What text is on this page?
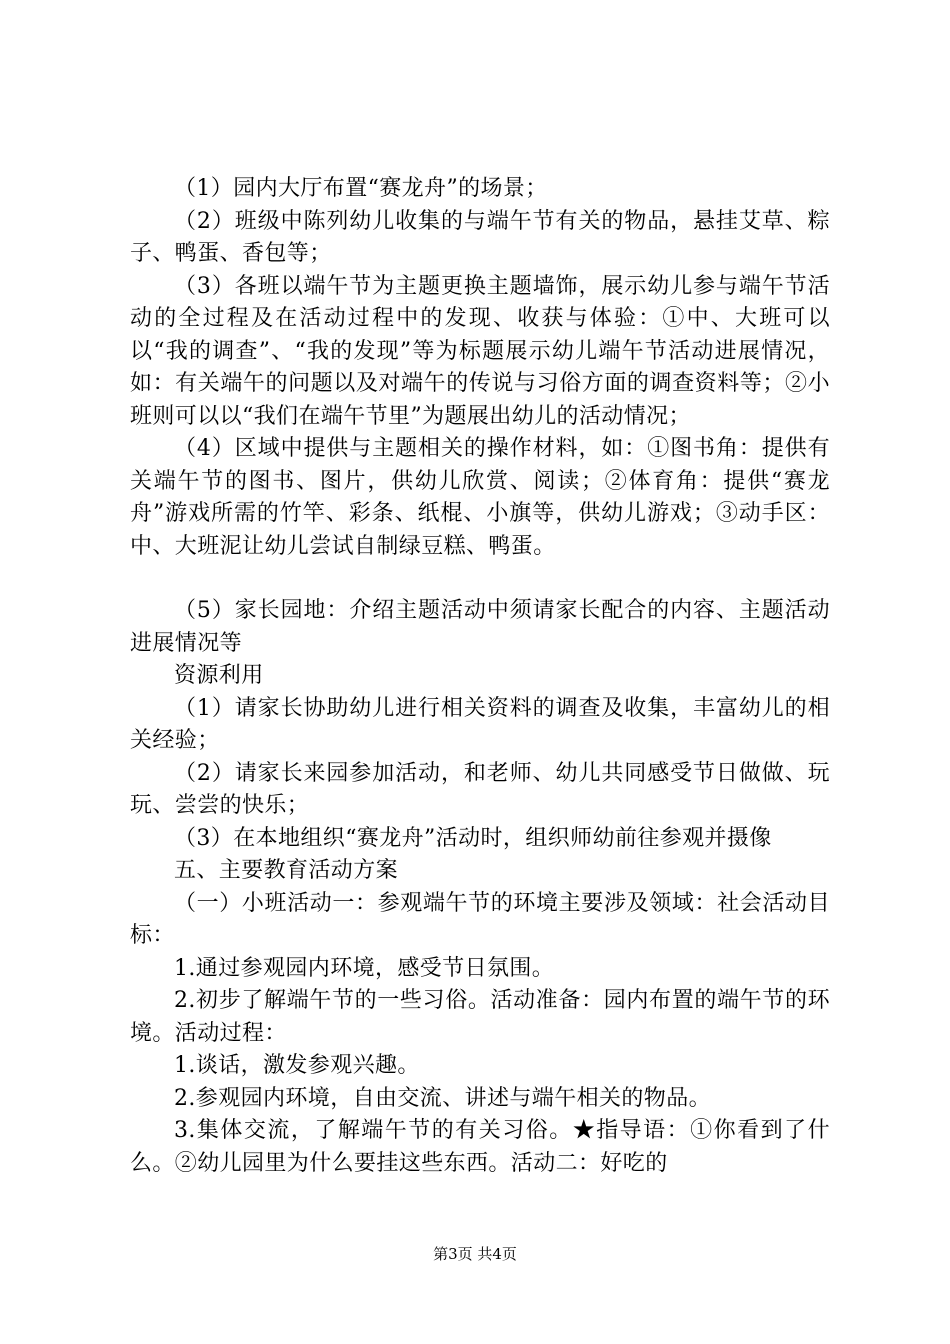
（1）园内大厅布置“赛龙舟”的场景；

（2）班级中陈列幼儿收集的与端午节有关的物品，悬挂艾草、粽子、鸭蛋、香包等；

（3）各班以端午节为主题更换主题墙饰，展示幼儿参与端午节活动的全过程及在活动过程中的发现、收获与体验：①中、大班可以以“我的调查”、“我的发现”等为标题展示幼儿端午节活动进展情况，如：有关端午的问题以及对端午的传说与习俗方面的调查资料等；②小班则可以以“我们在端午节里”为题展出幼儿的活动情况；

（4）区域中提供与主题相关的操作材料，如：①图书角：提供有关端午节的图书、图片，供幼儿欣赏、阅读；②体育角：提供“赛龙舟”游戏所需的竹竿、彩条、纸棍、小旗等，供幼儿游戏；③动手区：中、大班泥让幼儿尝试自制绿豆糕、鸭蛋。

（5）家长园地：介绍主题活动中须请家长配合的内容、主题活动进展情况等

资源利用

（1）请家长协助幼儿进行相关资料的调查及收集，丰富幼儿的相关经验；

（2）请家长来园参加活动，和老师、幼儿共同感受节日做做、玩玩、尝尝的快乐；

（3）在本地组织“赛龙舟”活动时，组织师幼前往参观并摄像

五、主要教育活动方案

（一）小班活动一：参观端午节的环境主要涉及领域：社会活动目标：

1.通过参观园内环境，感受节日氛围。

2.初步了解端午节的一些习俗。活动准备：园内布置的端午节的环境。活动过程：

1.谈话，激发参观兴趣。

2.参观园内环境，自由交流、讲述与端午相关的物品。

3.集体交流，了解端午节的有关习俗。★指导语：①你看到了什么。②幼儿园里为什么要挂这些东西。活动二：好吃的

第3页 共4页
